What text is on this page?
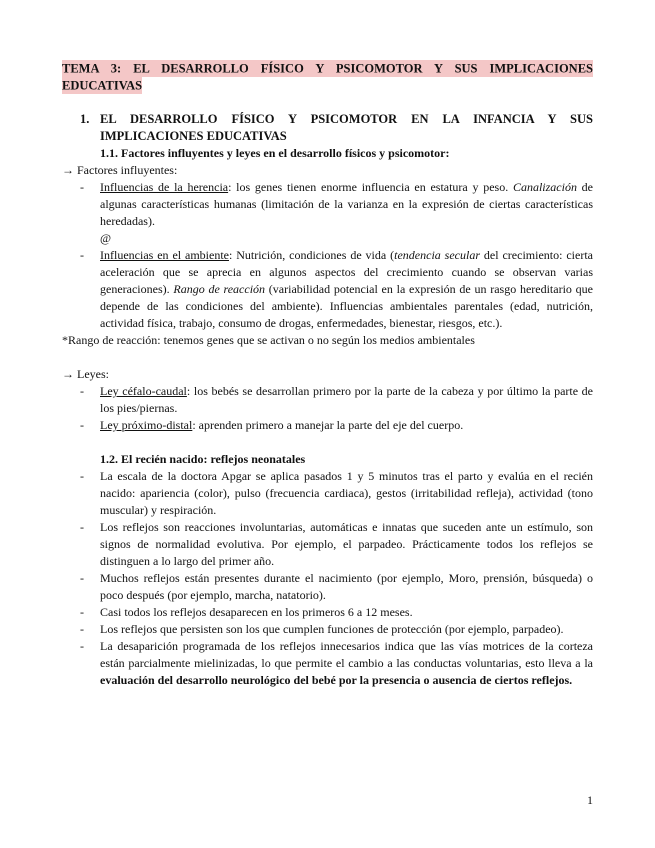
TEMA 3: EL DESARROLLO FÍSICO Y PSICOMOTOR Y SUS IMPLICACIONES EDUCATIVAS

1. EL DESARROLLO FÍSICO Y PSICOMOTOR EN LA INFANCIA Y SUS IMPLICACIONES EDUCATIVAS

1.1. Factores influyentes y leyes en el desarrollo físicos y psicomotor:

→ Factores influyentes:

- Influencias de la herencia: los genes tienen enorme influencia en estatura y peso. Canalización de algunas características humanas (limitación de la varianza en la expresión de ciertas características heredadas).

@

- Influencias en el ambiente: Nutrición, condiciones de vida (tendencia secular del crecimiento: cierta aceleración que se aprecia en algunos aspectos del crecimiento cuando se observan varias generaciones). Rango de reacción (variabilidad potencial en la expresión de un rasgo hereditario que depende de las condiciones del ambiente). Influencias ambientales parentales (edad, nutrición, actividad física, trabajo, consumo de drogas, enfermedades, bienestar, riesgos, etc.).

*Rango de reacción: tenemos genes que se activan o no según los medios ambientales

→ Leyes:

- Ley céfalo-caudal: los bebés se desarrollan primero por la parte de la cabeza y por último la parte de los pies/piernas.
- Ley próximo-distal: aprenden primero a manejar la parte del eje del cuerpo.

1.2. El recién nacido: reflejos neonatales

- La escala de la doctora Apgar se aplica pasados 1 y 5 minutos tras el parto y evalúa en el recién nacido: apariencia (color), pulso (frecuencia cardiaca), gestos (irritabilidad refleja), actividad (tono muscular) y respiración.
- Los reflejos son reacciones involuntarias, automáticas e innatas que suceden ante un estímulo, son signos de normalidad evolutiva. Por ejemplo, el parpadeo. Prácticamente todos los reflejos se distinguen a lo largo del primer año.
- Muchos reflejos están presentes durante el nacimiento (por ejemplo, Moro, prensión, búsqueda) o poco después (por ejemplo, marcha, natatorio).
- Casi todos los reflejos desaparecen en los primeros 6 a 12 meses.
- Los reflejos que persisten son los que cumplen funciones de protección (por ejemplo, parpadeo).
- La desaparición programada de los reflejos innecesarios indica que las vías motrices de la corteza están parcialmente mielinizadas, lo que permite el cambio a las conductas voluntarias, esto lleva a la evaluación del desarrollo neurológico del bebé por la presencia o ausencia de ciertos reflejos.
1
